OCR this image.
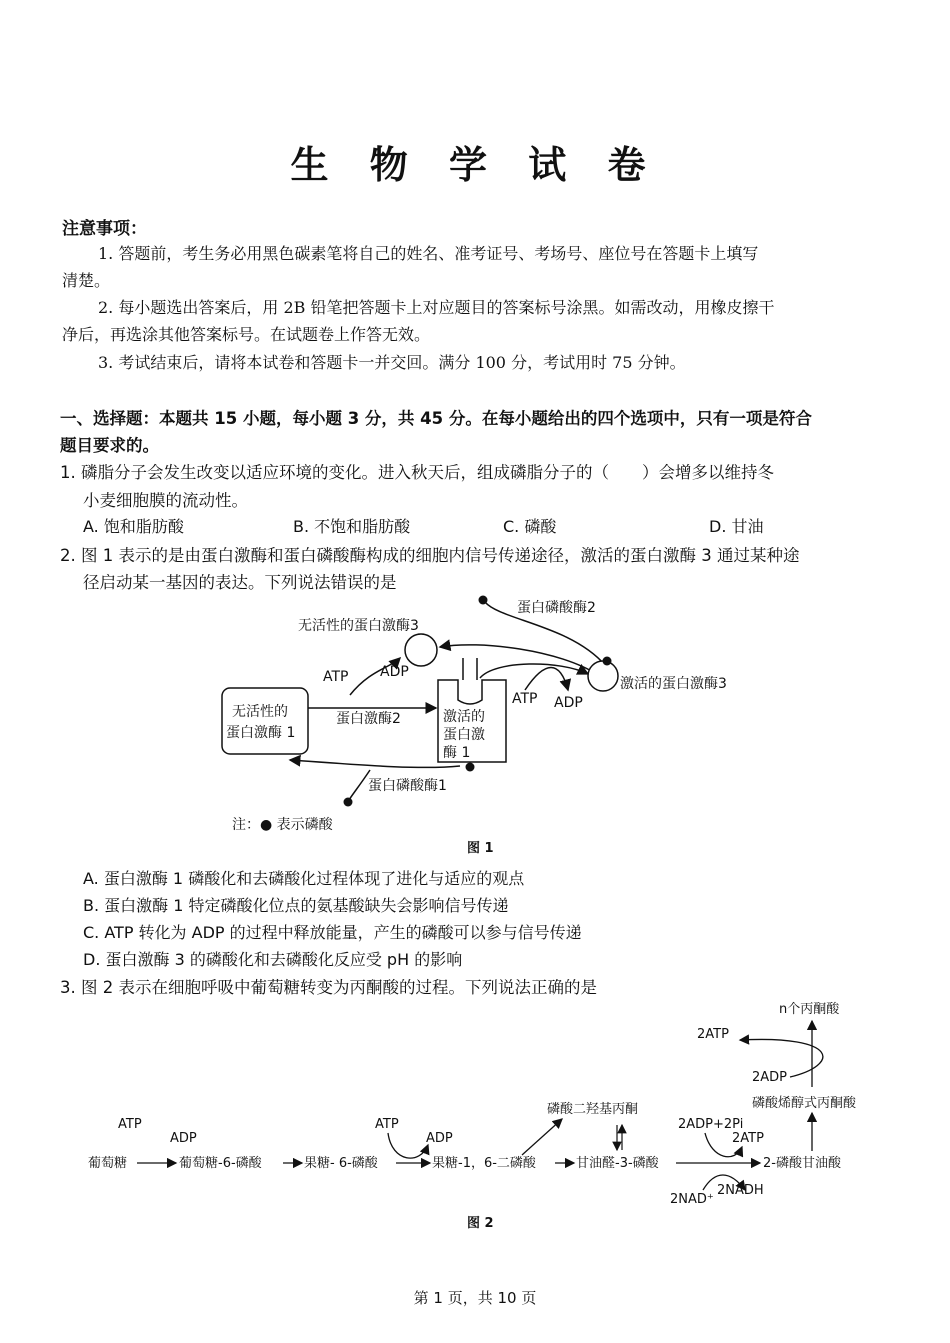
生 物 学 试 卷
注意事项：
1. 答题前，考生务必用黑色碳素笔将自己的姓名、准考证号、考场号、座位号在答题卡上填写
清楚。
2. 每小题选出答案后，用 2B 铅笔把答题卡上对应题目的答案标号涂黑。如需改动，用橡皮擦干
净后，再选涂其他答案标号。在试题卷上作答无效。
3. 考试结束后，请将本试卷和答题卡一并交回。满分 100 分，考试用时 75 分钟。
一、选择题：本题共 15 小题，每小题 3 分，共 45 分。在每小题给出的四个选项中，只有一项是符合
题目要求的。
1. 磷脂分子会发生改变以适应环境的变化。进入秋天后，组成磷脂分子的（　　）会增多以维持冬
小麦细胞膜的流动性。
A. 饱和脂肪酸	B. 不饱和脂肪酸	C. 磷酸	D. 甘油
2. 图 1 表示的是由蛋白激酶和蛋白磷酸酶构成的细胞内信号传递途径，激活的蛋白激酶 3 通过某种途
径启动某一基因的表达。下列说法错误的是
蛋白磷酸酶2
无活性的蛋白激酶3
ATP ADP
激活的蛋白激酶3
ATP ADP
无活性的
蛋白激酶 1
蛋白激酶2	激活的
蛋白激
酶 1
蛋白磷酸酶1
注：● 表示磷酸
图 1
A. 蛋白激酶 1 磷酸化和去磷酸化过程体现了进化与适应的观点
B. 蛋白激酶 1 特定磷酸化位点的氨基酸缺失会影响信号传递
C. ATP 转化为 ADP 的过程中释放能量，产生的磷酸可以参与信号传递
D. 蛋白激酶 3 的磷酸化和去磷酸化反应受 pH 的影响
3. 图 2 表示在细胞呼吸中葡萄糖转变为丙酮酸的过程。下列说法正确的是
n个丙酮酸
2ATP
2ADP
磷酸烯醇式丙酮酸
磷酸二羟基丙酮
ATP
ADP
ATP
ADP
2ADP+2Pi
2ATP
葡萄糖	葡萄糖-6-磷酸	果糖- 6-磷酸	果糖-1，6-二磷酸	甘油醛-3-磷酸	2-磷酸甘油酸
2NAD⁺
2NADH
图 2
第 1 页，共 10 页
